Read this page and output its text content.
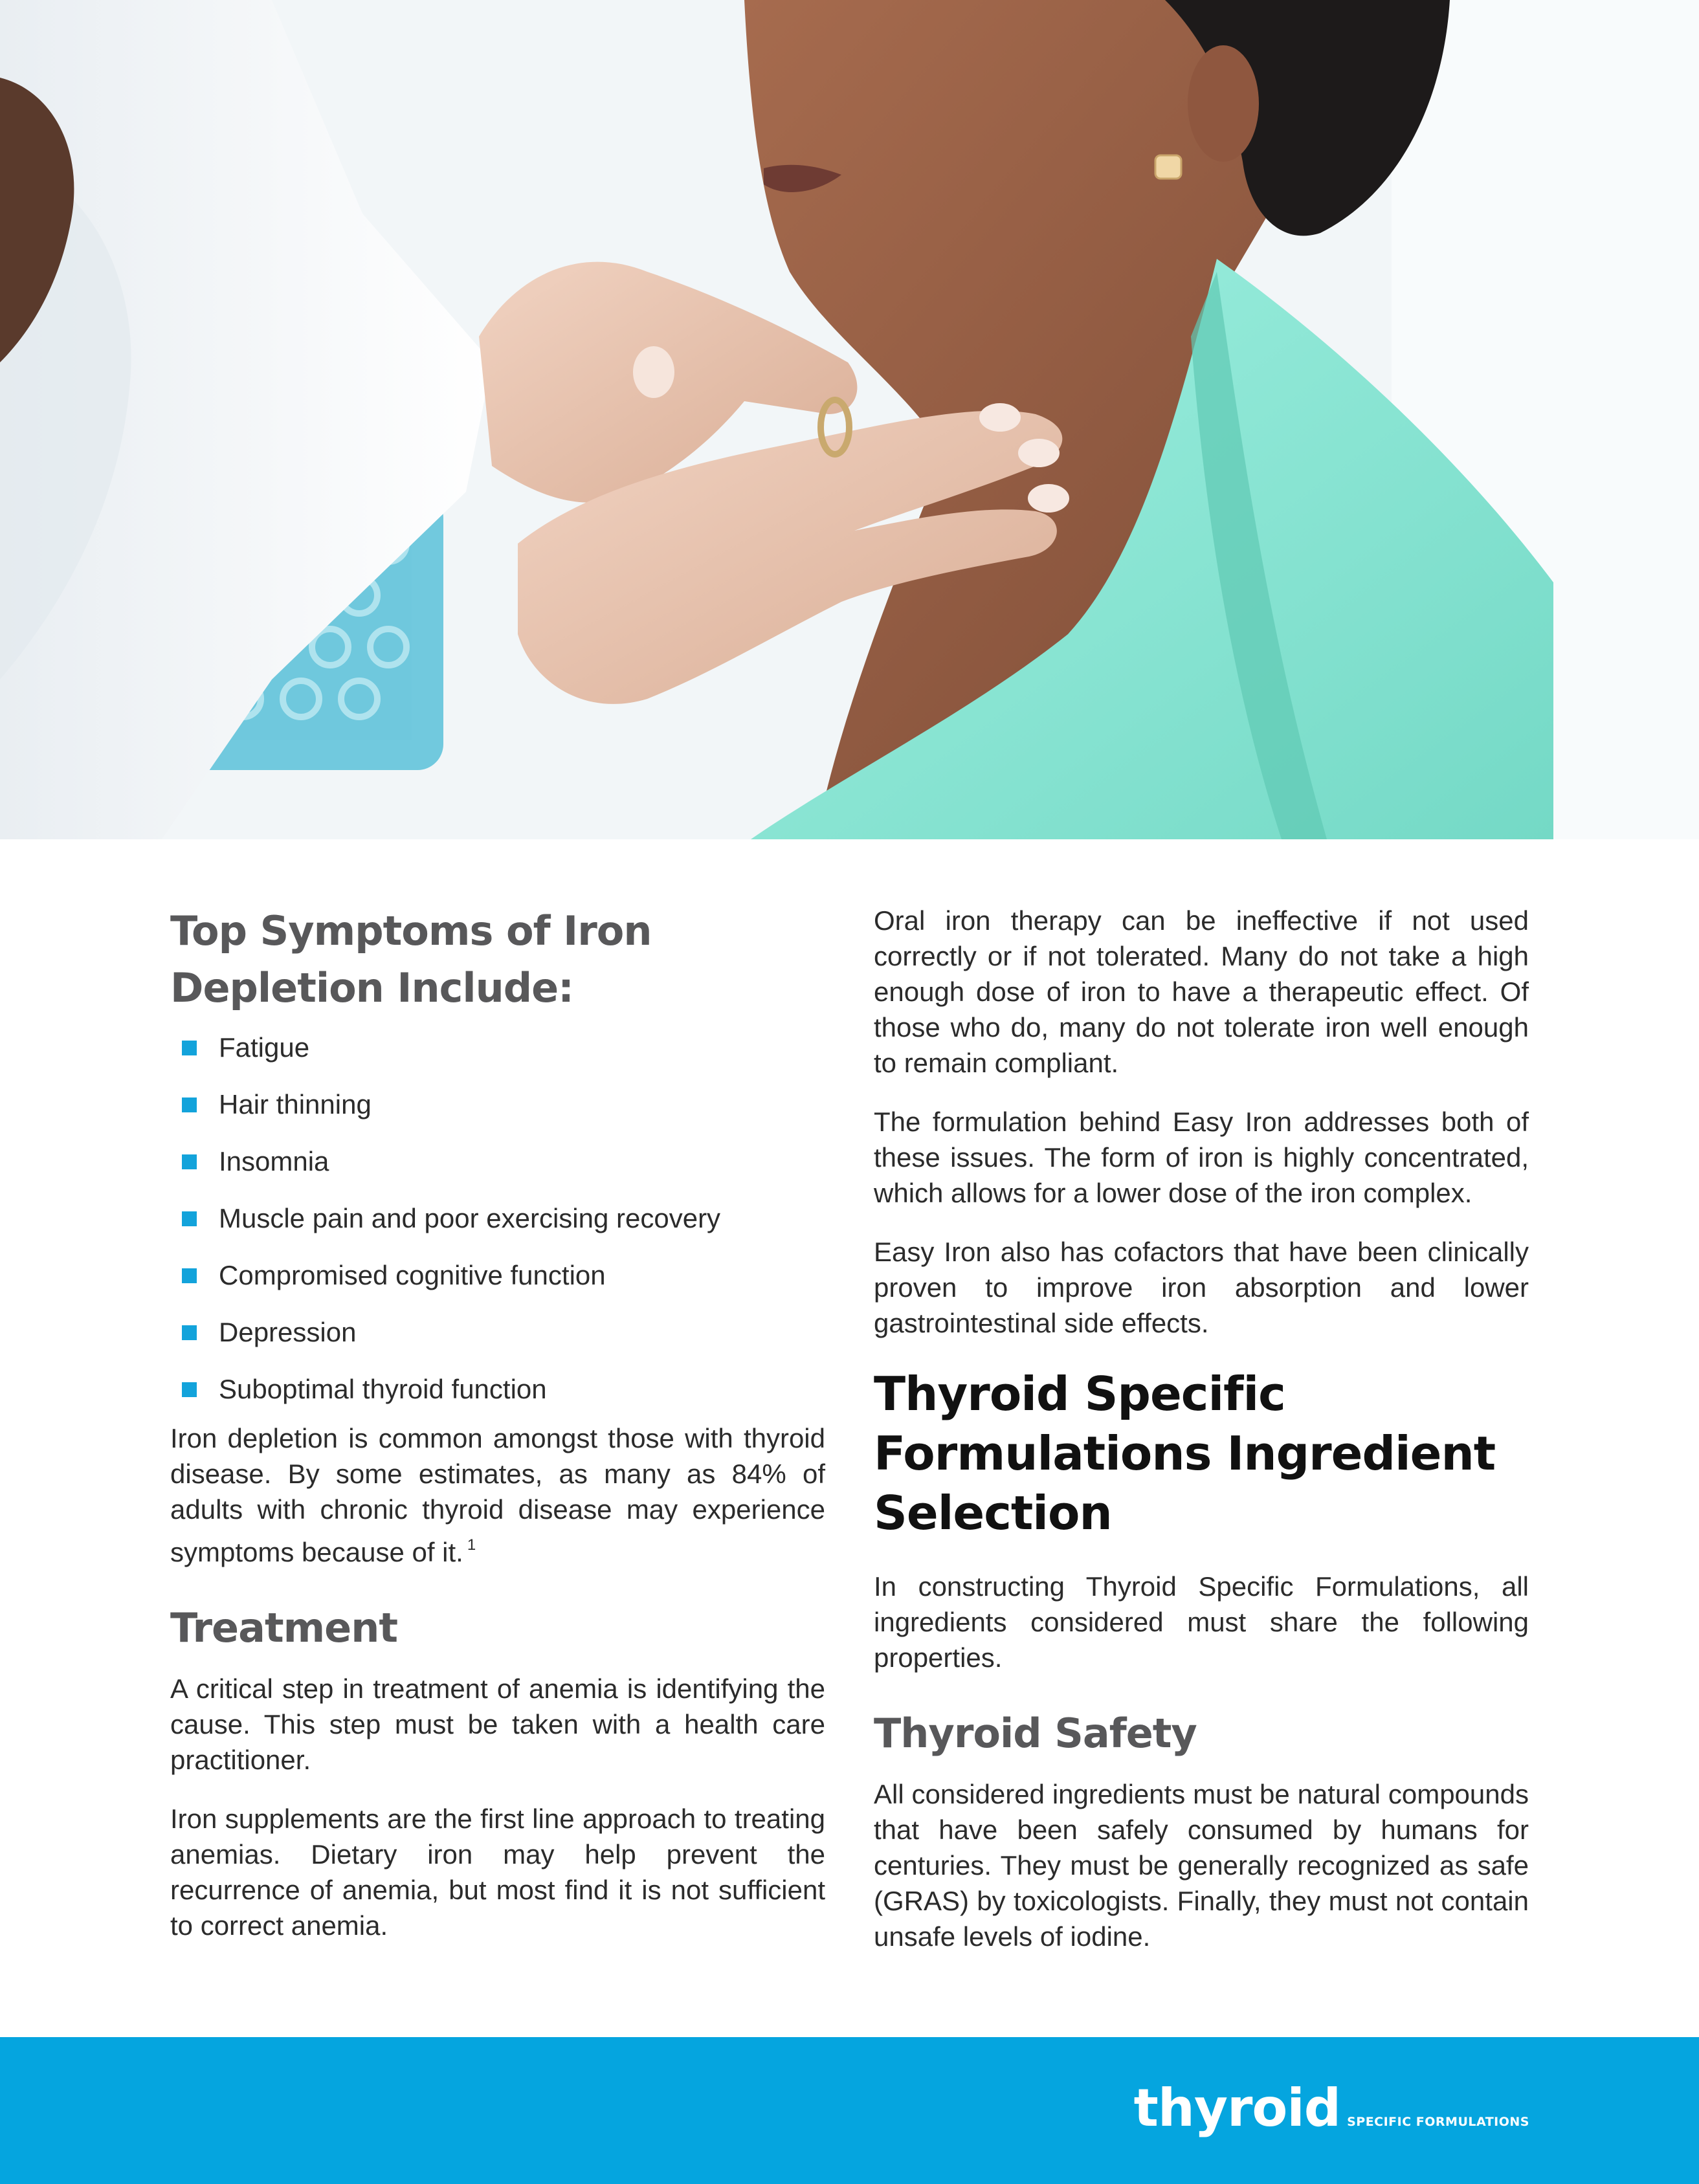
Top Symptoms of Iron Depletion Include:
Fatigue
Hair thinning
Insomnia
Muscle pain and poor exercising recovery
Compromised cognitive function
Depression
Suboptimal thyroid function

Iron depletion is common amongst those with thyroid disease. By some estimates, as many as 84% of adults with chronic thyroid disease may experience symptoms because of it. $^1$

Treatment

A critical step in treatment of anemia is identifying the cause. This step must be taken with a health care practitioner.

Iron supplements are the first line approach to treating anemias. Dietary iron may help prevent the recurrence of anemia, but most find it is not sufficient to correct anemia.

Oral iron therapy can be ineffective if not used correctly or if not tolerated. Many do not take a high enough dose of iron to have a therapeutic effect. Of those who do, many do not tolerate iron well enough to remain compliant.

The formulation behind Easy Iron addresses both of these issues. The form of iron is highly concentrated, which allows for a lower dose of the iron complex.

Easy Iron also has cofactors that have been clinically proven to improve iron absorption and lower gastrointestinal side effects.

Thyroid Specific Formulations Ingredient Selection

In constructing Thyroid Specific Formulations, all ingredients considered must share the following properties.

Thyroid Safety

All considered ingredients must be natural compounds that have been safely consumed by humans for centuries. They must be generally recognized as safe (GRAS) by toxicologists. Finally, they must not contain unsafe levels of iodine.

thyroid SPECIFIC FORMULATIONS
